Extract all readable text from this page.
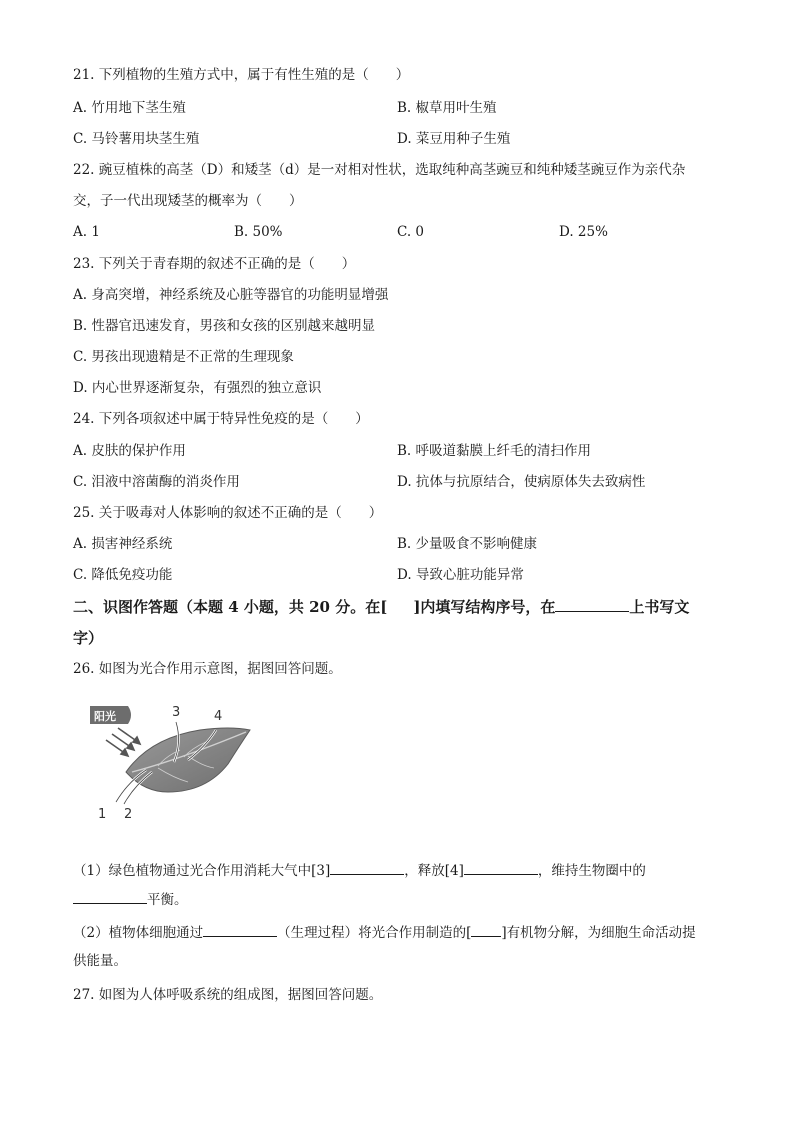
21. 下列植物的生殖方式中，属于有性生殖的是（　　）
A. 竹用地下茎生殖	B. 椒草用叶生殖
C. 马铃薯用块茎生殖	D. 菜豆用种子生殖
22. 豌豆植株的高茎（D）和矮茎（d）是一对相对性状，选取纯种高茎豌豆和纯种矮茎豌豆作为亲代杂
交，子一代出现矮茎的概率为（　　）
A. 1	B. 50%	C. 0	D. 25%
23. 下列关于青春期的叙述不正确的是（　　）
A. 身高突增，神经系统及心脏等器官的功能明显增强
B. 性器官迅速发育，男孩和女孩的区别越来越明显
C. 男孩出现遗精是不正常的生理现象
D. 内心世界逐渐复杂，有强烈的独立意识
24. 下列各项叙述中属于特异性免疫的是（　　）
A. 皮肤的保护作用	B. 呼吸道黏膜上纤毛的清扫作用
C. 泪液中溶菌酶的消炎作用	D. 抗体与抗原结合，使病原体失去致病性
25. 关于吸毒对人体影响的叙述不正确的是（　　）
A. 损害神经系统	B. 少量吸食不影响健康
C. 降低免疫功能	D. 导致心脏功能异常
二、识图作答题（本题 4 小题，共 20 分。在[ ]内填写结构序号，在	上书写文
字）
26. 如图为光合作用示意图，据图回答问题。
阳光	3	4
1 2
（1）绿色植物通过光合作用消耗大气中[3]	，释放[4]	，维持生物圈中的
平衡。
（2）植物体细胞通过	（生理过程）将光合作用制造的[ ]有机物分解，为细胞生命活动提
供能量。
27. 如图为人体呼吸系统的组成图，据图回答问题。
